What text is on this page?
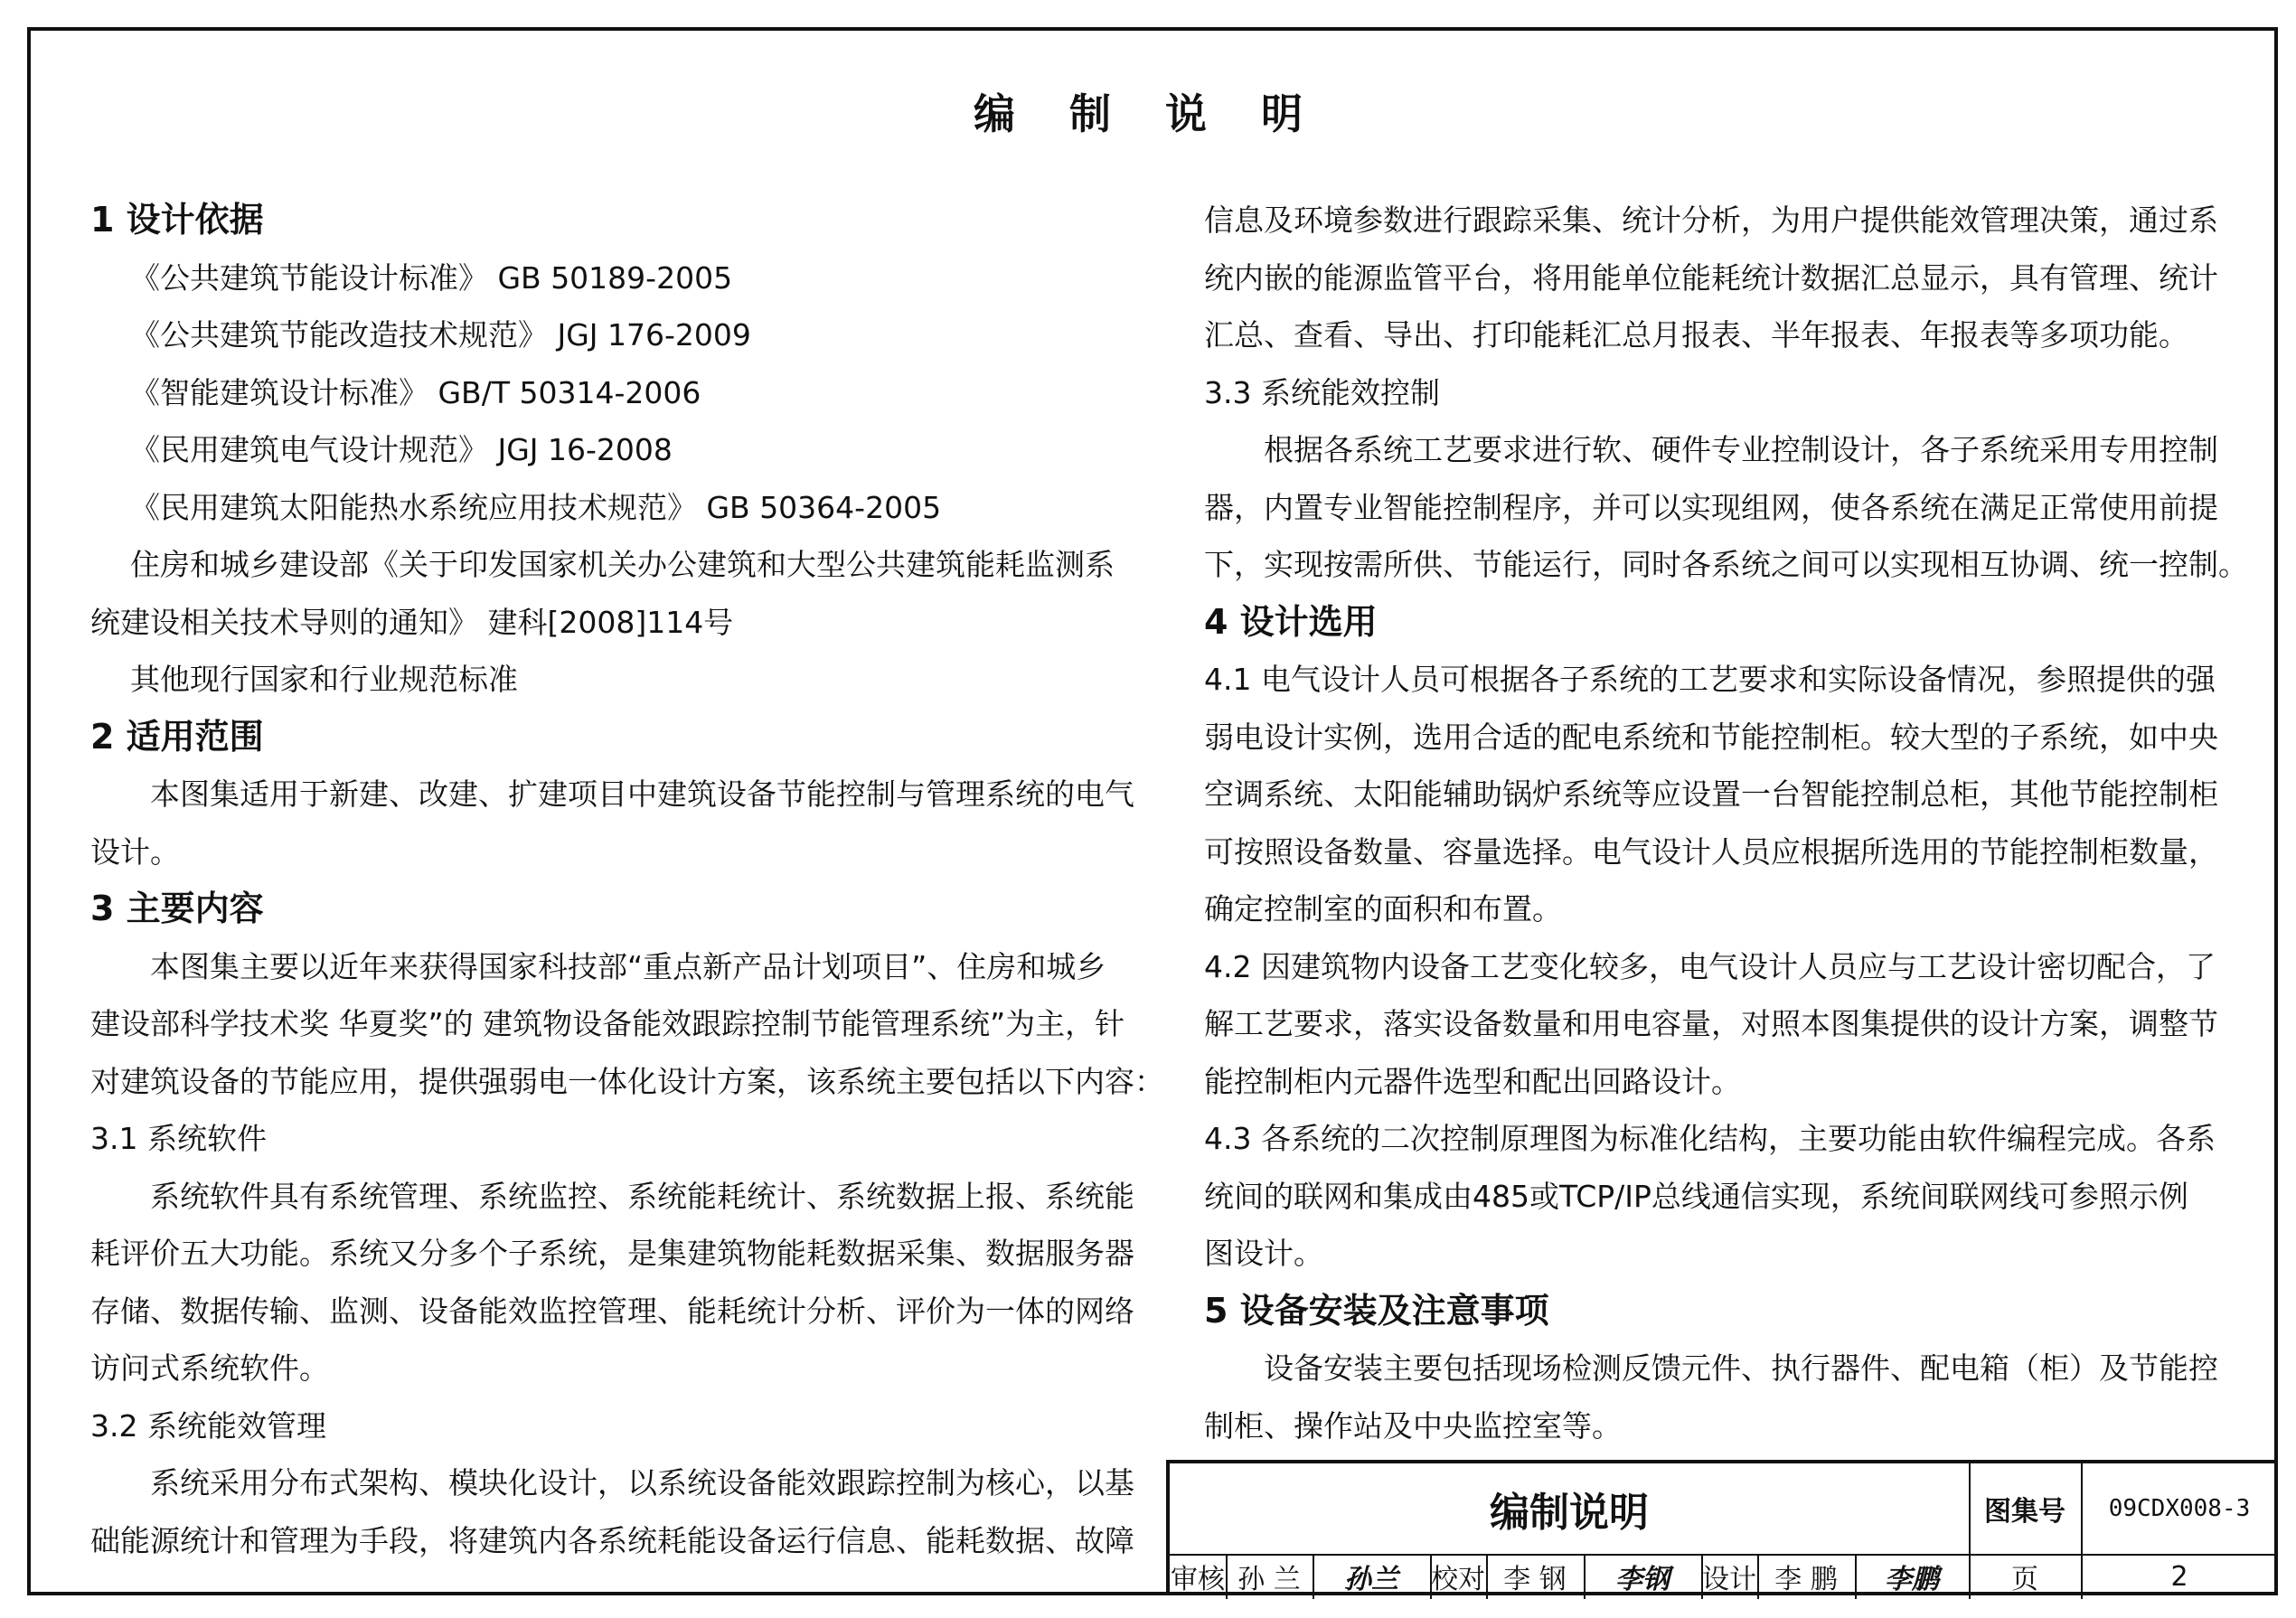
编 制 说 明

1 设计依据

《公共建筑节能设计标准》 GB 50189-2005

《公共建筑节能改造技术规范》 JGJ 176-2009

《智能建筑设计标准》 GB/T 50314-2006

《民用建筑电气设计规范》 JGJ 16-2008

《民用建筑太阳能热水系统应用技术规范》 GB 50364-2005

住房和城乡建设部《关于印发国家机关办公建筑和大型公共建筑能耗监测系

统建设相关技术导则的通知》 建科[2008]114号

其他现行国家和行业规范标准

2 适用范围

本图集适用于新建、改建、扩建项目中建筑设备节能控制与管理系统的电气

设计。

3 主要内容

本图集主要以近年来获得国家科技部“重点新产品计划项目”、住房和城乡

建设部科学技术奖 华夏奖”的 建筑物设备能效跟踪控制节能管理系统”为主，针

对建筑设备的节能应用，提供强弱电一体化设计方案，该系统主要包括以下内容：

3.1 系统软件

系统软件具有系统管理、系统监控、系统能耗统计、系统数据上报、系统能

耗评价五大功能。系统又分多个子系统，是集建筑物能耗数据采集、数据服务器

存储、数据传输、监测、设备能效监控管理、能耗统计分析、评价为一体的网络

访问式系统软件。

3.2 系统能效管理

系统采用分布式架构、模块化设计，以系统设备能效跟踪控制为核心，以基

础能源统计和管理为手段，将建筑内各系统耗能设备运行信息、能耗数据、故障

信息及环境参数进行跟踪采集、统计分析，为用户提供能效管理决策，通过系

统内嵌的能源监管平台，将用能单位能耗统计数据汇总显示，具有管理、统计

汇总、查看、导出、打印能耗汇总月报表、半年报表、年报表等多项功能。

3.3 系统能效控制

根据各系统工艺要求进行软、硬件专业控制设计，各子系统采用专用控制

器，内置专业智能控制程序，并可以实现组网，使各系统在满足正常使用前提

下，实现按需所供、节能运行，同时各系统之间可以实现相互协调、统一控制。

4 设计选用

4.1 电气设计人员可根据各子系统的工艺要求和实际设备情况，参照提供的强

弱电设计实例，选用合适的配电系统和节能控制柜。较大型的子系统，如中央

空调系统、太阳能辅助锅炉系统等应设置一台智能控制总柜，其他节能控制柜

可按照设备数量、容量选择。电气设计人员应根据所选用的节能控制柜数量，

确定控制室的面积和布置。

4.2 因建筑物内设备工艺变化较多，电气设计人员应与工艺设计密切配合，了

解工艺要求，落实设备数量和用电容量，对照本图集提供的设计方案，调整节

能控制柜内元器件选型和配出回路设计。

4.3 各系统的二次控制原理图为标准化结构，主要功能由软件编程完成。各系

统间的联网和集成由485或TCP/IP总线通信实现，系统间联网线可参照示例

图设计。

5 设备安装及注意事项

设备安装主要包括现场检测反馈元件、执行器件、配电箱（柜）及节能控

制柜、操作站及中央监控室等。

编制说明	图集号	09CDX008-3
审核 孙 兰	孙兰	校对 李 钢	李钢	设计 李 鹏	李鹏	页	2
